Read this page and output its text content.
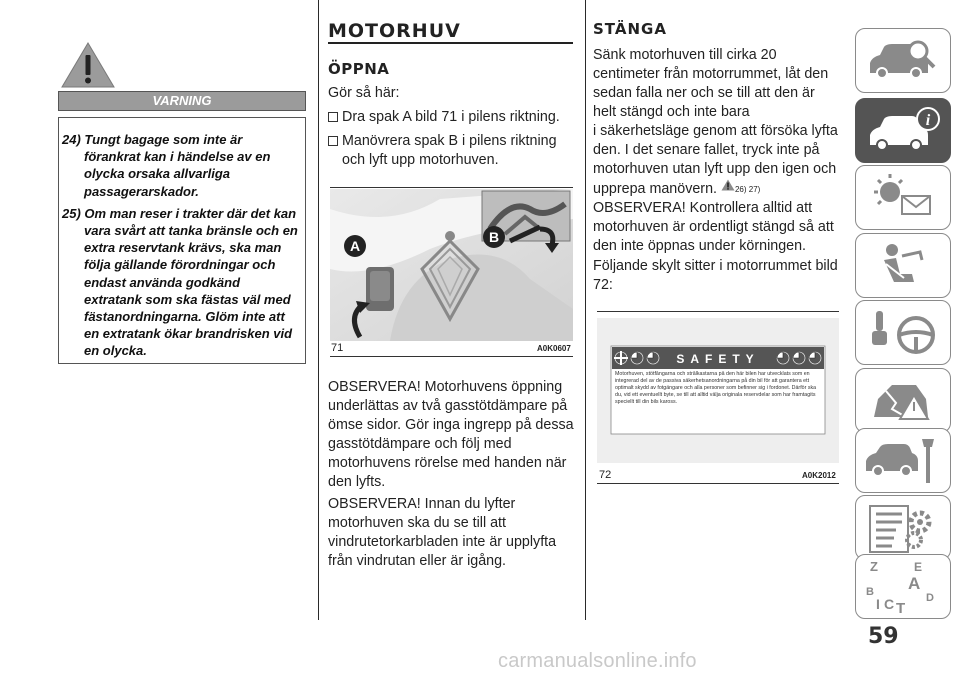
VARNING

24) Tungt bagage som inte är förankrat kan i händelse av en olycka orsaka allvarliga passagerarskador.

25) Om man reser i trakter där det kan vara svårt att tanka bränsle och en extra reservtank krävs, ska man följa gällande förordningar och endast använda godkänd extratank som ska fästas väl med fästanordningarna. Glöm inte att en extratank ökar brandrisken vid en olycka.

MOTORHUV
ÖPPNA
Gör så här:
Dra spak A bild 71 i pilens riktning.
Manövrera spak B i pilens riktning och lyft upp motorhuven.
A
B
71	A0K0607
OBSERVERA! Motorhuvens öppning underlättas av två gasstötdämpare på ömse sidor. Gör inga ingrepp på dessa gasstötdämpare och följ med motorhuvens rörelse med handen när den lyfts.
OBSERVERA! Innan du lyfter motorhuven ska du se till att vindrutetorkarbladen inte är upplyfta från vindrutan eller är igång.
STÄNGA
Sänk motorhuven till cirka 20
centimeter från motorrummet, låt den
sedan falla ner och se till att den är
helt stängd och inte bara
i säkerhetsläge genom att försöka lyfta
den. I det senare fallet, tryck inte på
motorhuven utan lyft upp den igen och
upprepa manövern. 26) 27)
OBSERVERA! Kontrollera alltid att motorhuven är ordentligt stängd så att den inte öppnas under körningen.
Följande skylt sitter i motorrummet bild 72:
SAFETY
Motorhuven, stötfångarna och strålkastarna på den här bilen har utvecklats som en integrerad del av de passiva säkerhetsanordningarna på din bil för att garantera ett optimalt skydd av fotgängare och alla personer som befinner sig i fordonet. Därför ska du, vid ett eventuellt byte, se till att alltid välja originala reservdelar som har framtagits speciellt till din bils kaross.
72	A0K2012
i
Z	E
B A
D
I C T
59
carmanualsonline.info
